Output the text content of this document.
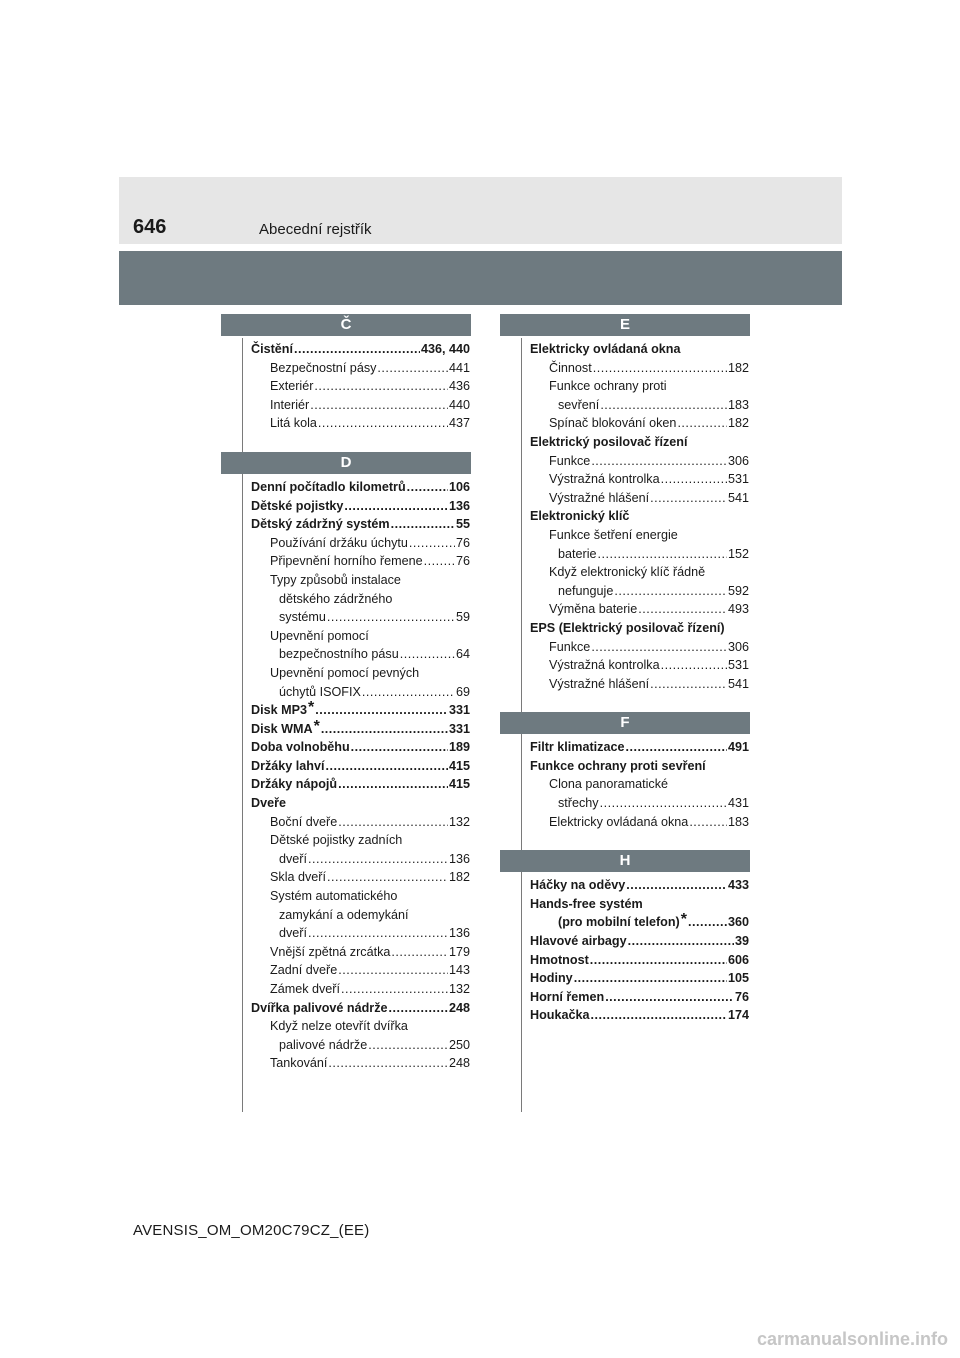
646	Abecední rejstřík
Č
Čistění .....	436, 440
Bezpečnostní pásy .....	441
Exteriér .....	436
Interiér .....	440
Litá kola .....	437
D
Denní počítadlo kilometrů .....	106
Dětské pojistky .....	136
Dětský zádržný systém .....	55
Používání držáku úchytu .....	76
Připevnění horního řemene .....	76
Typy způsobů instalace
dětského zádržného
systému .....	59
Upevnění pomocí
bezpečnostního pásu .....	64
Upevnění pomocí pevných
úchytů ISOFIX .....	69
Disk MP3* .....	331
Disk WMA* .....	331
Doba volnoběhu .....	189
Držáky lahví .....	415
Držáky nápojů .....	415
Dveře
Boční dveře .....	132
Dětské pojistky zadních
dveří .....	136
Skla dveří .....	182
Systém automatického
zamykání a odemykání
dveří .....	136
Vnější zpětná zrcátka .....	179
Zadní dveře .....	143
Zámek dveří .....	132
Dvířka palivové nádrže .....	248
Když nelze otevřít dvířka
palivové nádrže .....	250
Tankování .....	248
E
Elektricky ovládaná okna
Činnost .....	182
Funkce ochrany proti
sevření .....	183
Spínač blokování oken .....	182
Elektrický posilovač řízení
Funkce .....	306
Výstražná kontrolka .....	531
Výstražné hlášení .....	541
Elektronický klíč
Funkce šetření energie
baterie .....	152
Když elektronický klíč řádně
nefunguje .....	592
Výměna baterie .....	493
EPS (Elektrický posilovač řízení)
Funkce .....	306
Výstražná kontrolka .....	531
Výstražné hlášení .....	541
F
Filtr klimatizace .....	491
Funkce ochrany proti sevření
Clona panoramatické
střechy .....	431
Elektricky ovládaná okna .....	183
H
Háčky na oděvy .....	433
Hands-free systém
(pro mobilní telefon)* .....	360
Hlavové airbagy .....	39
Hmotnost .....	606
Hodiny .....	105
Horní řemen .....	76
Houkačka .....	174
AVENSIS_OM_OM20C79CZ_(EE)
carmanualsonline.info
